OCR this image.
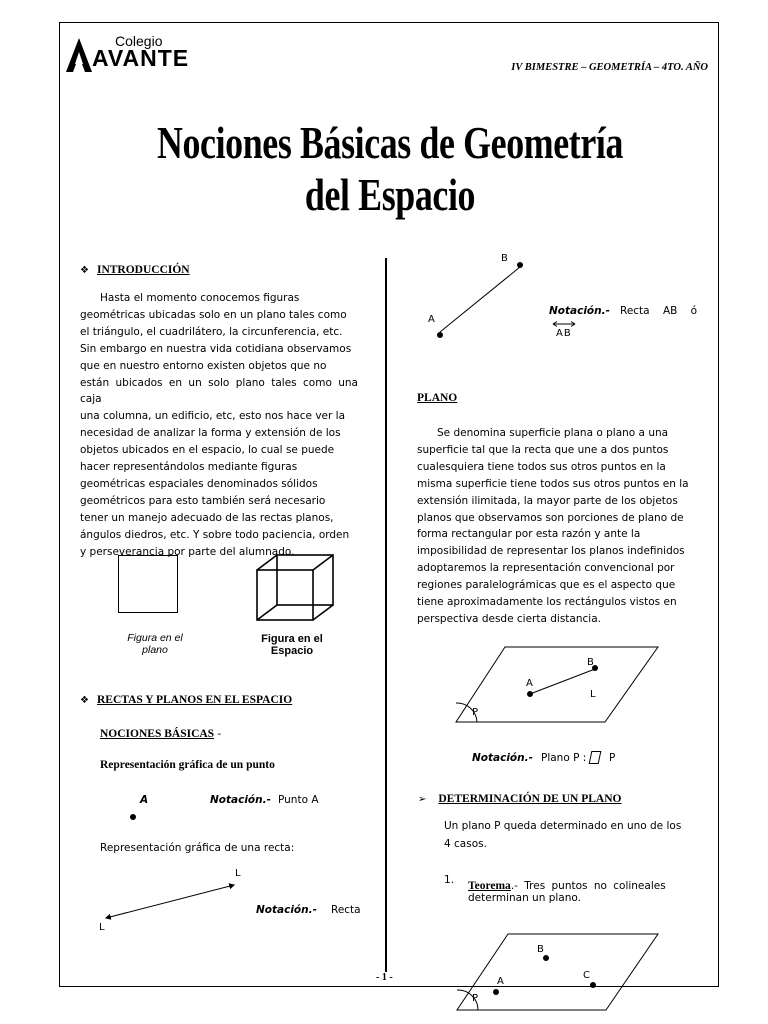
Colegio
AVANTE	IV BIMESTRE – GEOMETRÍA – 4TO. AÑO
Nociones Básicas de Geometría
del Espacio
❖ INTRODUCCIÓN
Hasta el momento conocemos figuras
geométricas ubicadas solo en un plano tales como
el triángulo, el cuadrilátero, la circunferencia, etc.
Sin embargo en nuestra vida cotidiana observamos
que en nuestro entorno existen objetos que no
están ubicados en un solo plano tales como una caja
una columna, un edificio, etc, esto nos hace ver la
necesidad de analizar la forma y extensión de los
objetos ubicados en el espacio, lo cual se puede
hacer representándolos mediante figuras
geométricas espaciales denominados sólidos
geométricos para esto también será necesario
tener un manejo adecuado de las rectas planos,
ángulos diedros, etc. Y sobre todo paciencia, orden
y perseverancia por parte del alumnado.
Figura en el
plano
Figura en el
Espacio
❖ RECTAS Y PLANOS EN EL ESPACIO
NOCIONES BÁSICAS -
Representación gráfica de un punto
A	Notación.- Punto A
Representación gráfica de una recta:
L
L
Notación.- Recta
B
A
Notación.- Recta AB ó
AB
PLANO
Se denomina superficie plana o plano a una
superficie tal que la recta que une a dos puntos
cualesquiera tiene todos sus otros puntos en la
misma superficie tiene todos sus otros puntos en la
extensión ilimitada, la mayor parte de los objetos
planos que observamos son porciones de plano de
forma rectangular por esta razón y ante la
imposibilidad de representar los planos indefinidos
adoptaremos la representación convencional por
regiones paralelográmicas que es el aspecto que
tiene aproximadamente los rectángulos vistos en
perspectiva desde cierta distancia.
B
A
L
P
Notación.- Plano P : P
➢ DETERMINACIÓN DE UN PLANO
Un plano P queda determinado en uno de los
4 casos.
1. Teorema.- Tres puntos no colineales
determinan un plano.
B
C
A
P
- 1 -
